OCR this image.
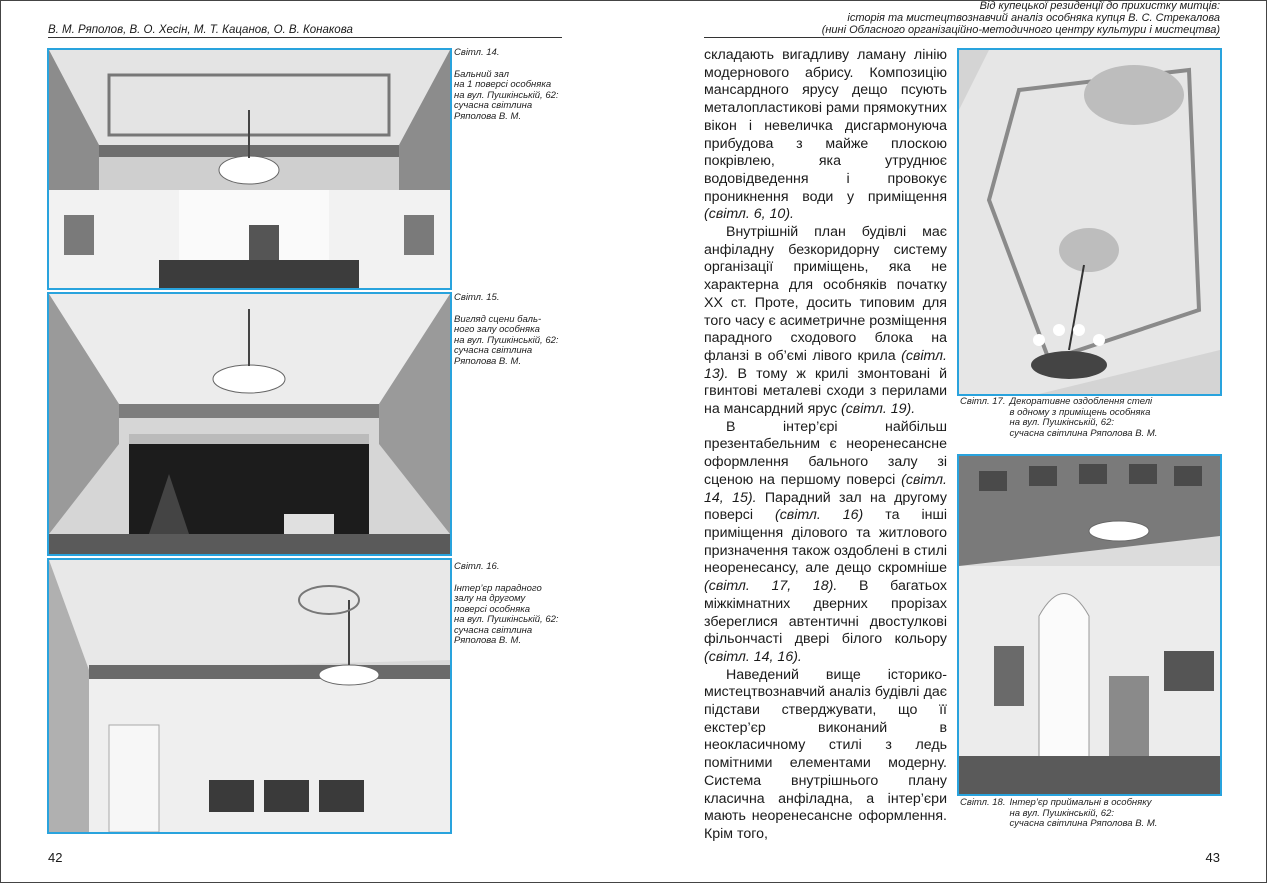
В. М. Ряполов, В. О. Хесін, М. Т. Кацанов, О. В. Конакова
Від купецької резиденції до прихистку митців:
історія та мистецтвознавчий аналіз особняка купця В. С. Стрекалова
(нині Обласного організаційно-методичного центру культури і мистецтва)
Світл. 14.
Бальний зал
на 1 поверсі особняка
на вул. Пушкінській, 62:
сучасна світлина
Ряполова В. М.
Світл. 15.
Вигляд сцени баль-
ного залу особняка
на вул. Пушкінській, 62:
сучасна світлина
Ряполова В. М.
Світл. 16.
Інтер’єр парадного
залу на другому
поверсі особняка
на вул. Пушкінській, 62:
сучасна світлина
Ряполова В. М.

складають вигадливу ламану лінію модернового абрису. Композицію мансардного ярусу дещо псують металопластикові рами прямокутних вікон і невеличка дисгармонуюча прибудова з майже плоскою покрівлею, яка утруднює водовідведення і провокує проникнення води у приміщення (світл. 6, 10).

Внутрішній план будівлі має анфіладну безкоридорну систему організації приміщень, яка не характерна для особняків початку ХХ ст. Проте, досить типовим для того часу є асиметричне розміщення парадного сходового блока на фланзі в об’ємі лівого крила (світл. 13). В тому ж крилі змонтовані й гвинтові металеві сходи з перилами на мансардний ярус (світл. 19).

В інтер’єрі найбільш презентабельним є неоренесансне оформлення бального залу зі сценою на першому поверсі (світл. 14, 15). Парадний зал на другому поверсі (світл. 16) та інші приміщення ділового та житлового призначення також оздоблені в стилі неоренесансу, але дещо скромніше (світл. 17, 18). В багатьох міжкімнатних дверних прорізах збереглися автентичні двостулкові фільончасті двері білого кольору (світл. 14, 16).

Наведений вище історико-мистецтвознавчий аналіз будівлі дає підстави стверджувати, що її екстер’єр виконаний в неокласичному стилі з ледь помітними елементами модерну. Система внутрішнього плану класична анфіладна, а інтер’єри мають неоренесансне оформлення. Крім того,

Світл. 17. Декоративне оздоблення стелі
в одному з приміщень особняка
на вул. Пушкінській, 62:
сучасна світлина Ряполова В. М.
Світл. 18. Інтер’єр приймальні в особняку
на вул. Пушкінській, 62:
сучасна світлина Ряполова В. М.
42	43
